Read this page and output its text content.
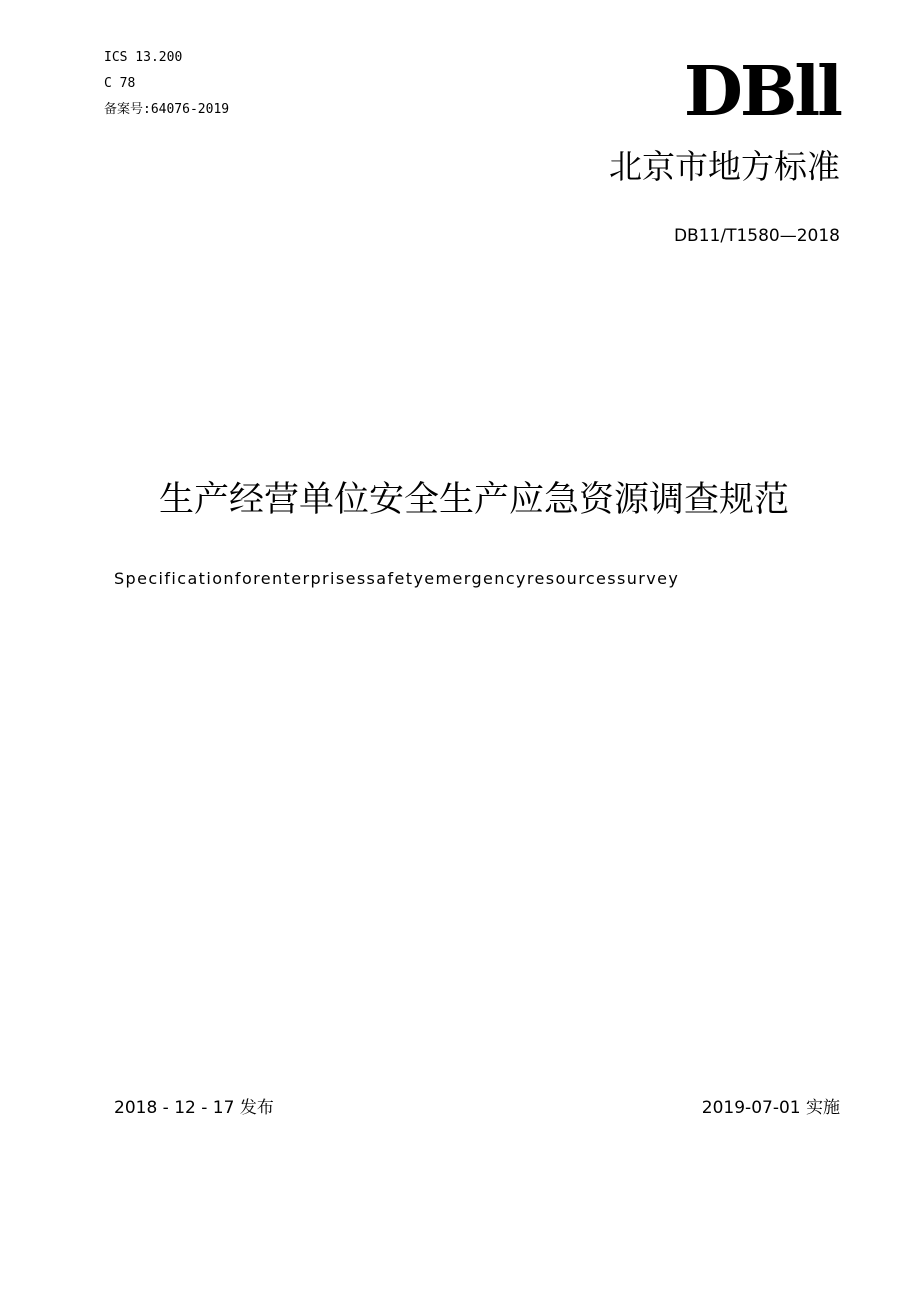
ICS 13.200
C 78
备案号:64076-2019	DBll
北京市地方标准
DB11/T1580—2018
生产经营单位安全生产应急资源调查规范
Specificationforenterprisessafetyemergencyresourcessurvey
2018 - 12 - 17 发布	2019-07-01 实施
